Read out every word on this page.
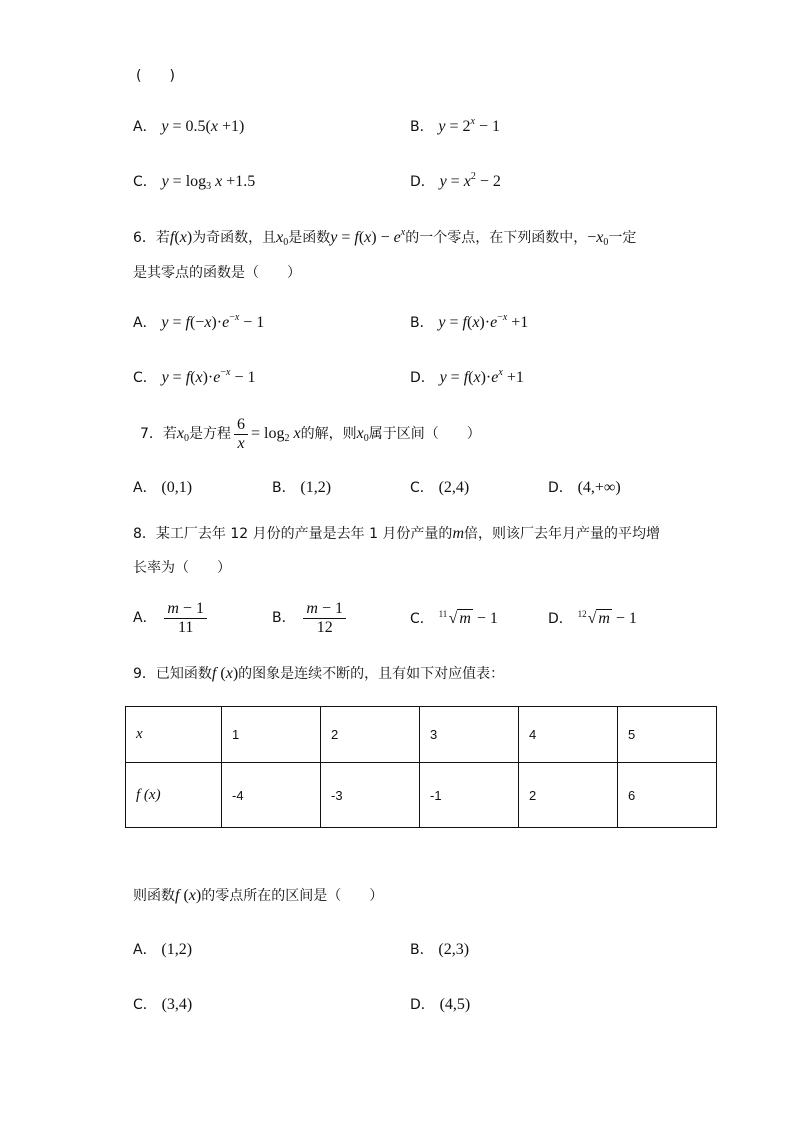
(　　)
A． y = 0.5(x +1)	B． $y = 2^x - 1$
C． $y = \log_3 x +1.5$	D． $y = x^2 - 2$
6．若f(x)为奇函数，且$x_0$是函数$y = f(x) - e^x$的一个零点，在下列函数中，$-x_0$一定
是其零点的函数是（　　）
A． $y = f(-x)\cdot e^{-x} - 1$	B． $y = f(x)\cdot e^{-x} +1$
C． $y = f(x)\cdot e^{-x} - 1$	D． $y = f(x)\cdot e^x +1$
7．若$x_0$是方程 $\frac{6}{x} = \log_2 x$的解，则$x_0$属于区间（　　）
A． (0,1)	B． (1,2)	C． (2,4)	D． (4,+∞)
8．某工厂去年 12 月份的产量是去年 1 月份产量的m倍，则该厂去年月产量的平均增
长率为（　　）
A． $\frac{m - 1}{11}$	B． $\frac{m - 1}{12}$	C． 11 √ m − 1	D． 12 √ m − 1
9．已知函数f (x)的图象是连续不断的，且有如下对应值表：
x	1	2	3	4	5
f (x)	-4	-3	-1	2	6
则函数f (x)的零点所在的区间是（　　）
A． (1,2)	B． (2,3)
C． (3,4)	D． (4,5)
